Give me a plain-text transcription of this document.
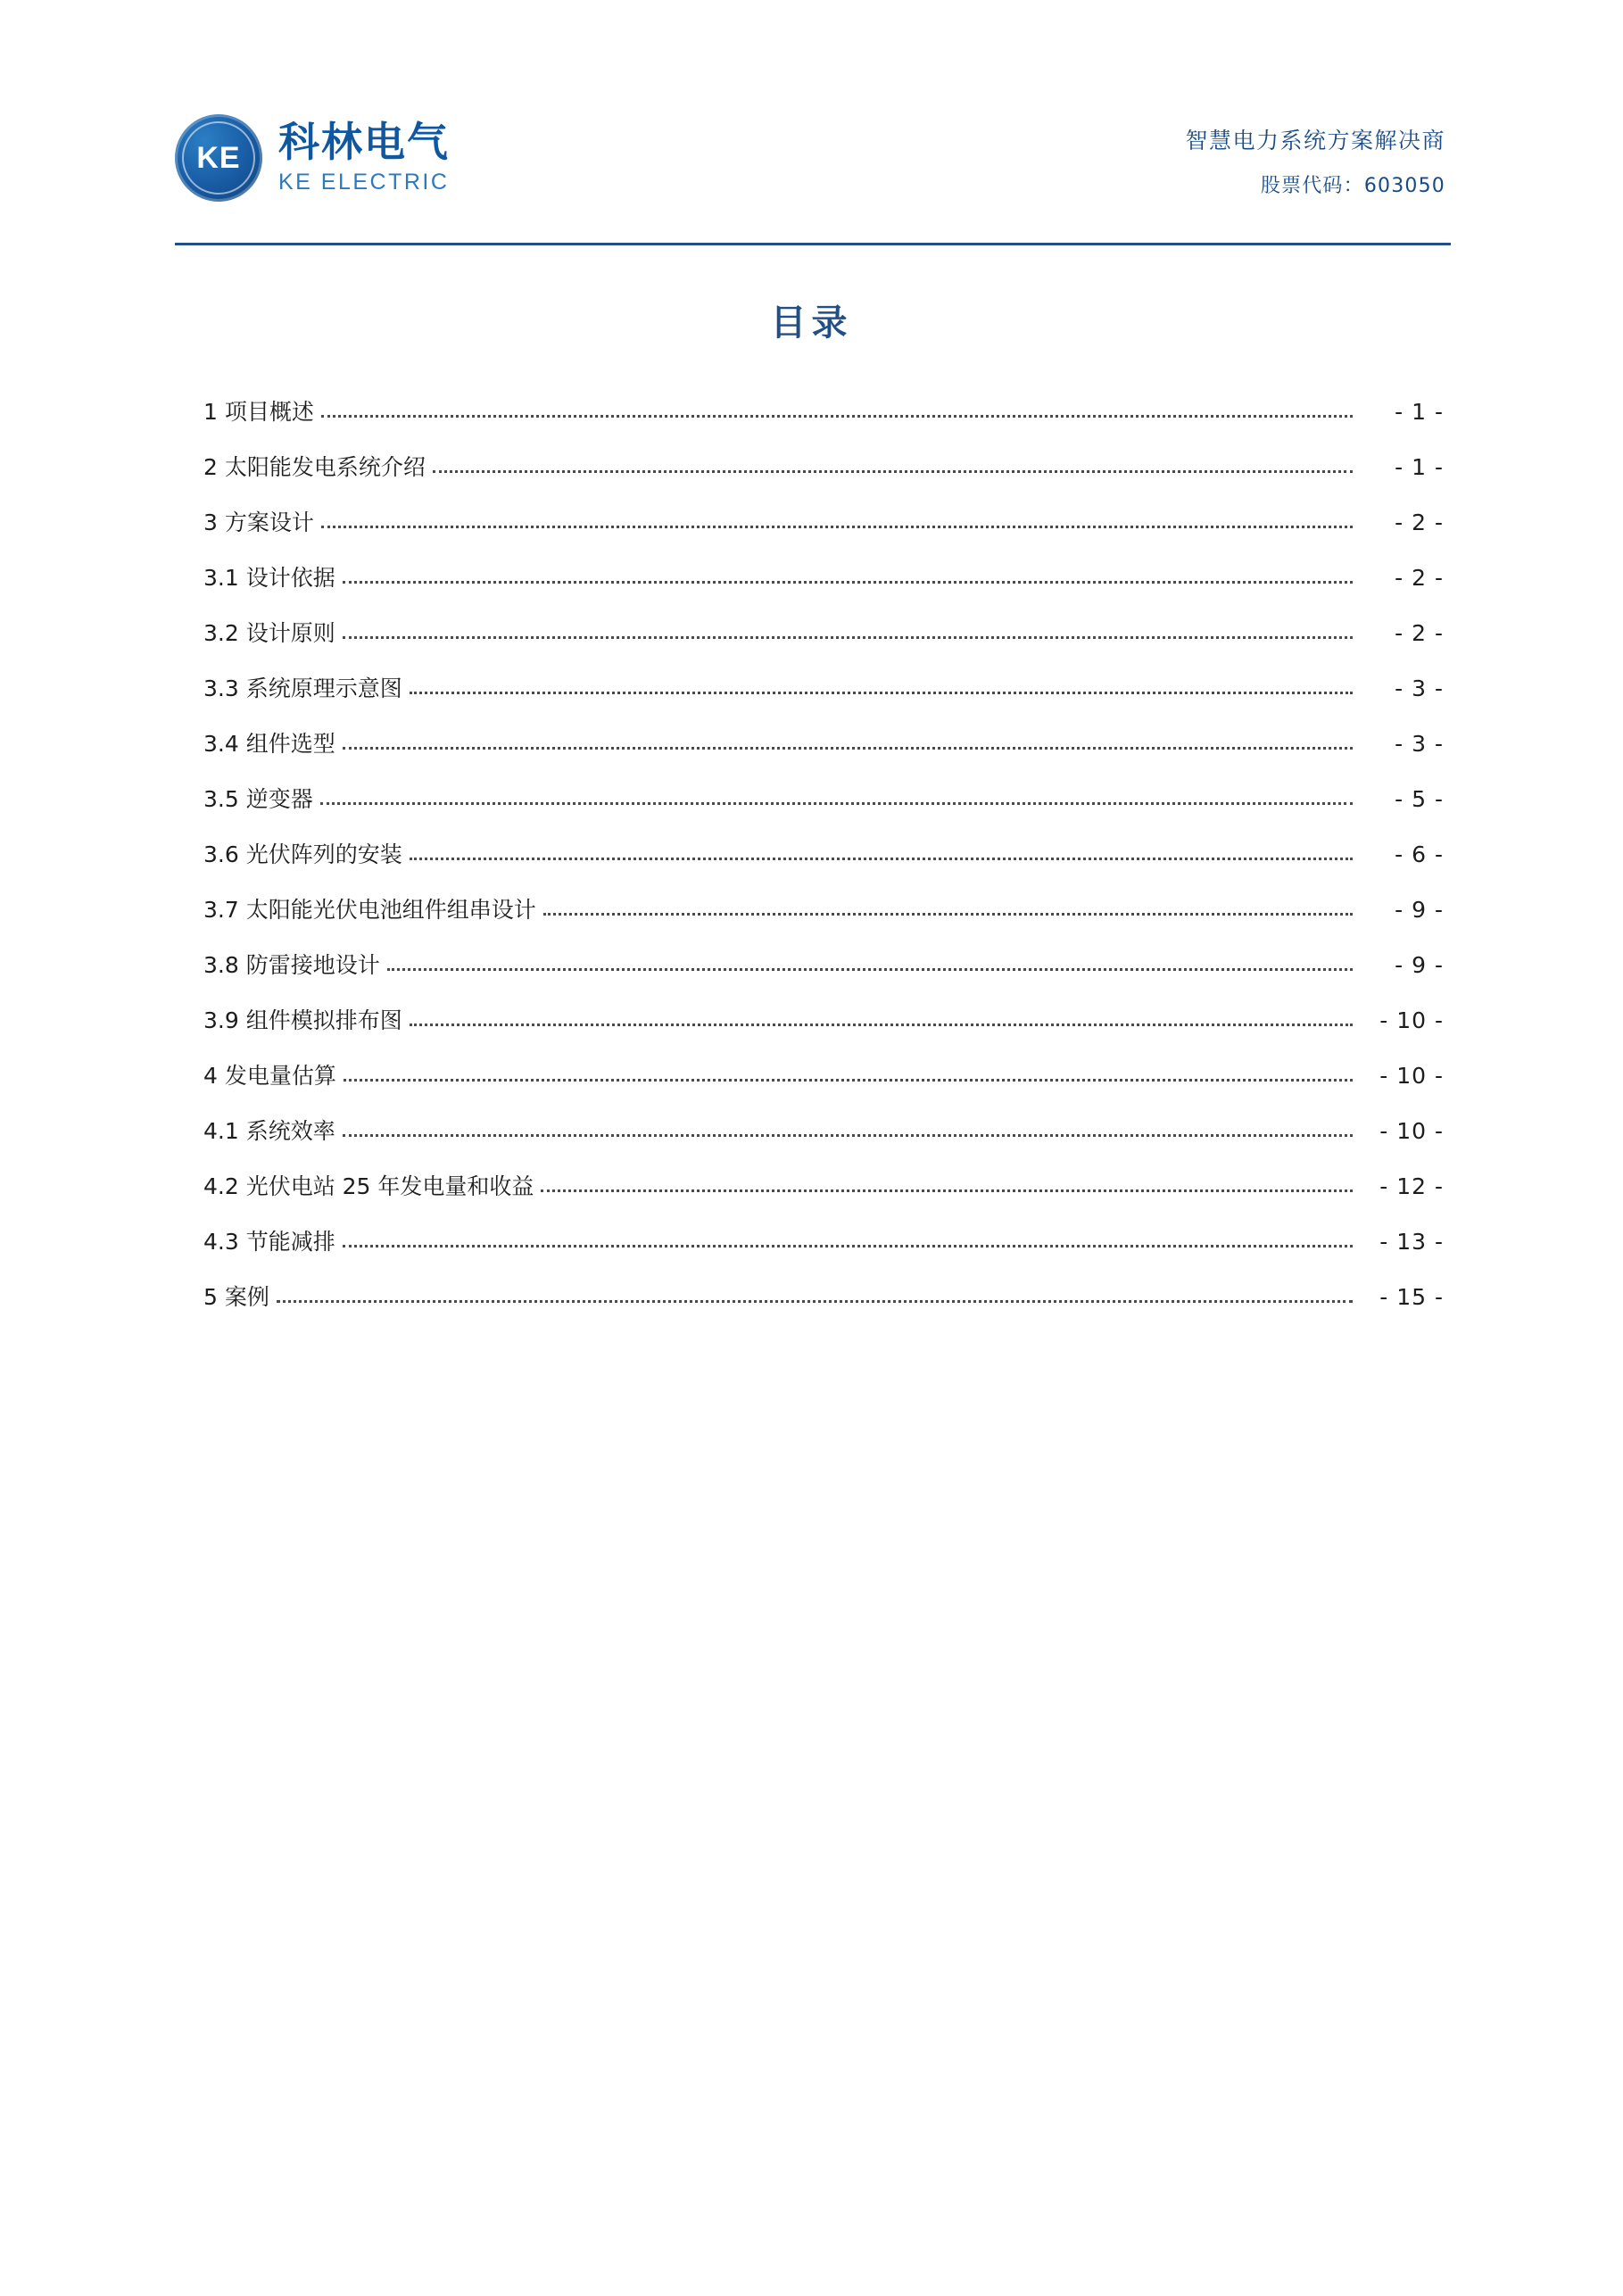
KE 科林电气
KE ELECTRIC
智慧电力系统方案解决商
股票代码：603050
目录
1 项目概述	- 1 -
2 太阳能发电系统介绍	- 1 -
3 方案设计	- 2 -
3.1 设计依据	- 2 -
3.2 设计原则	- 2 -
3.3 系统原理示意图	- 3 -
3.4 组件选型	- 3 -
3.5 逆变器	- 5 -
3.6 光伏阵列的安装	- 6 -
3.7 太阳能光伏电池组件组串设计	- 9 -
3.8 防雷接地设计	- 9 -
3.9 组件模拟排布图	- 10 -
4 发电量估算	- 10 -
4.1 系统效率	- 10 -
4.2 光伏电站 25 年发电量和收益	- 12 -
4.3 节能减排	- 13 -
5 案例	- 15 -
